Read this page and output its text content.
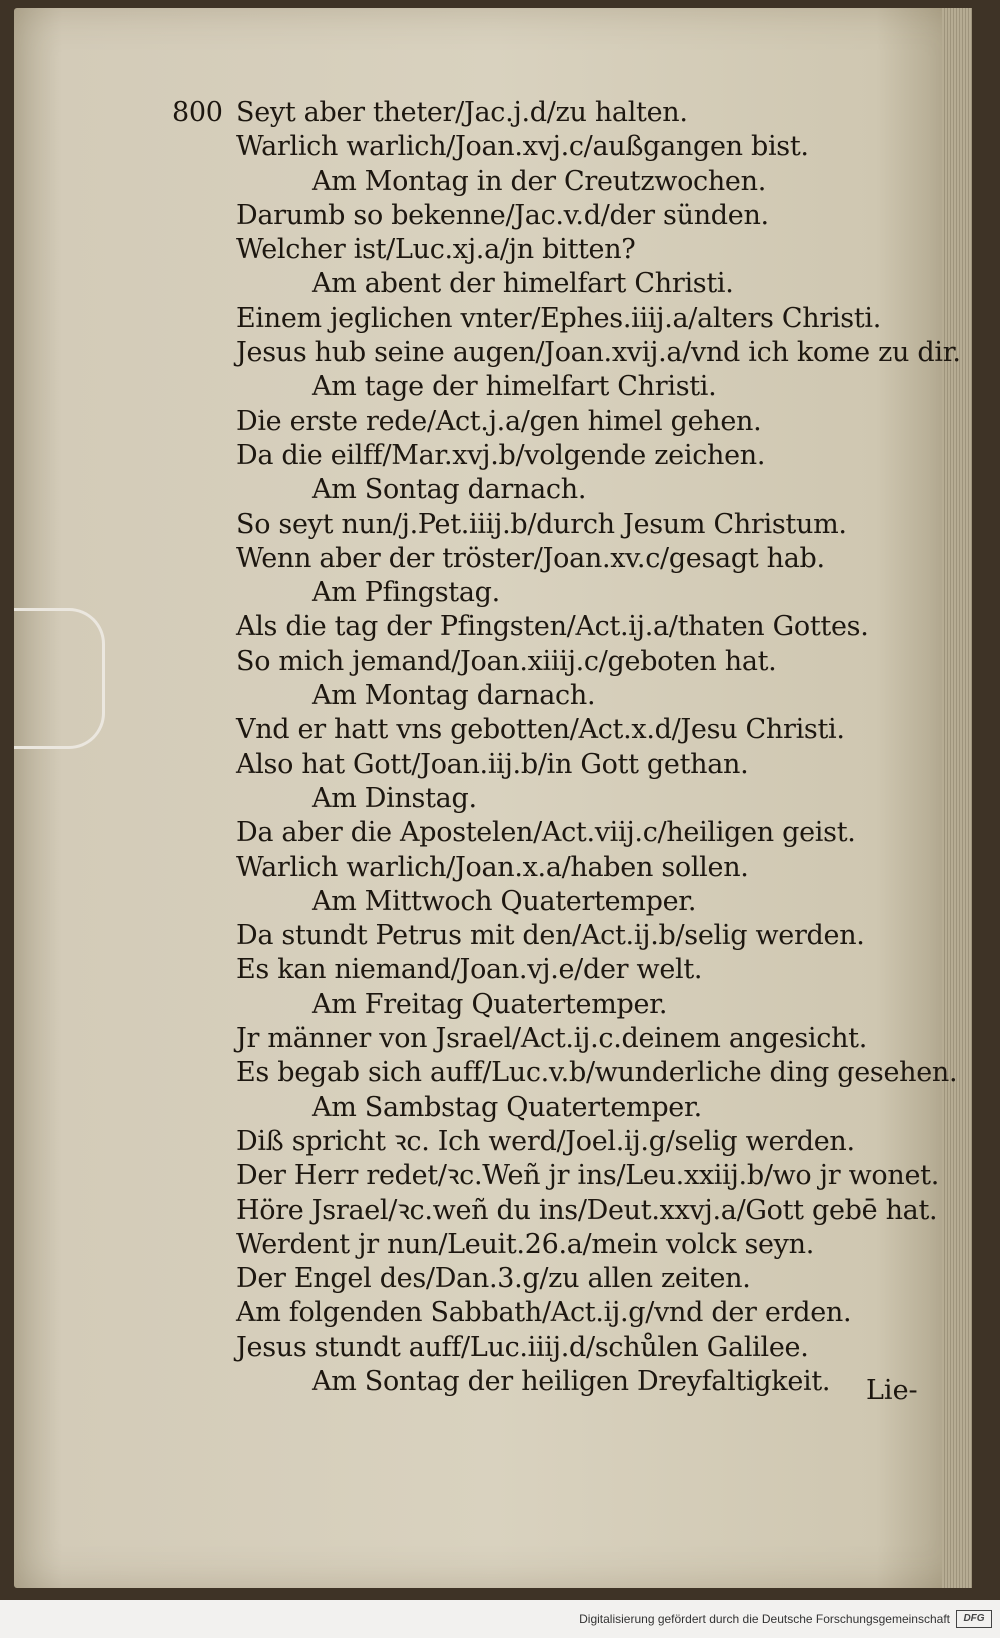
800 Seyt aber theter/Jac.j.d/zu halten.
Warlich warlich/Joan.xvj.c/außgangen bist.
Am Montag in der Creutzwochen.
Darumb so bekenne/Jac.v.d/der sünden.
Welcher ist/Luc.xj.a/jn bitten?
Am abent der himelfart Christi.
Einem jeglichen vnter/Ephes.iiij.a/alters Christi.
Jesus hub seine augen/Joan.xvij.a/vnd ich kome zu dir.
Am tage der himelfart Christi.
Die erste rede/Act.j.a/gen himel gehen.
Da die eilff/Mar.xvj.b/volgende zeichen.
Am Sontag darnach.
So seyt nun/j.Pet.iiij.b/durch Jesum Christum.
Wenn aber der tröster/Joan.xv.c/gesagt hab.
Am Pfingstag.
Als die tag der Pfingsten/Act.ij.a/thaten Gottes.
So mich jemand/Joan.xiiij.c/geboten hat.
Am Montag darnach.
Vnd er hatt vns gebotten/Act.x.d/Jesu Christi.
Also hat Gott/Joan.iij.b/in Gott gethan.
Am Dinstag.
Da aber die Apostelen/Act.viij.c/heiligen geist.
Warlich warlich/Joan.x.a/haben sollen.
Am Mittwoch Quatertemper.
Da stundt Petrus mit den/Act.ij.b/selig werden.
Es kan niemand/Joan.vj.e/der welt.
Am Freitag Quatertemper.
Jr männer von Jsrael/Act.ij.c.deinem angesicht.
Es begab sich auff/Luc.v.b/wunderliche ding gesehen.
Am Sambstag Quatertemper.
Diß spricht ꝛc. Ich werd/Joel.ij.g/selig werden.
Der Herr redet/ꝛc.Weñ jr ins/Leu.xxiij.b/wo jr wonet.
Höre Jsrael/ꝛc.weñ du ins/Deut.xxvj.a/Gott gebē hat.
Werdent jr nun/Leuit.26.a/mein volck seyn.
Der Engel des/Dan.3.g/zu allen zeiten.
Am folgenden Sabbath/Act.ij.g/vnd der erden.
Jesus stundt auff/Luc.iiij.d/schůlen Galilee.
Am Sontag der heiligen Dreyfaltigkeit.	Lie-
Digitalisierung gefördert durch die Deutsche Forschungsgemeinschaft	DFG
